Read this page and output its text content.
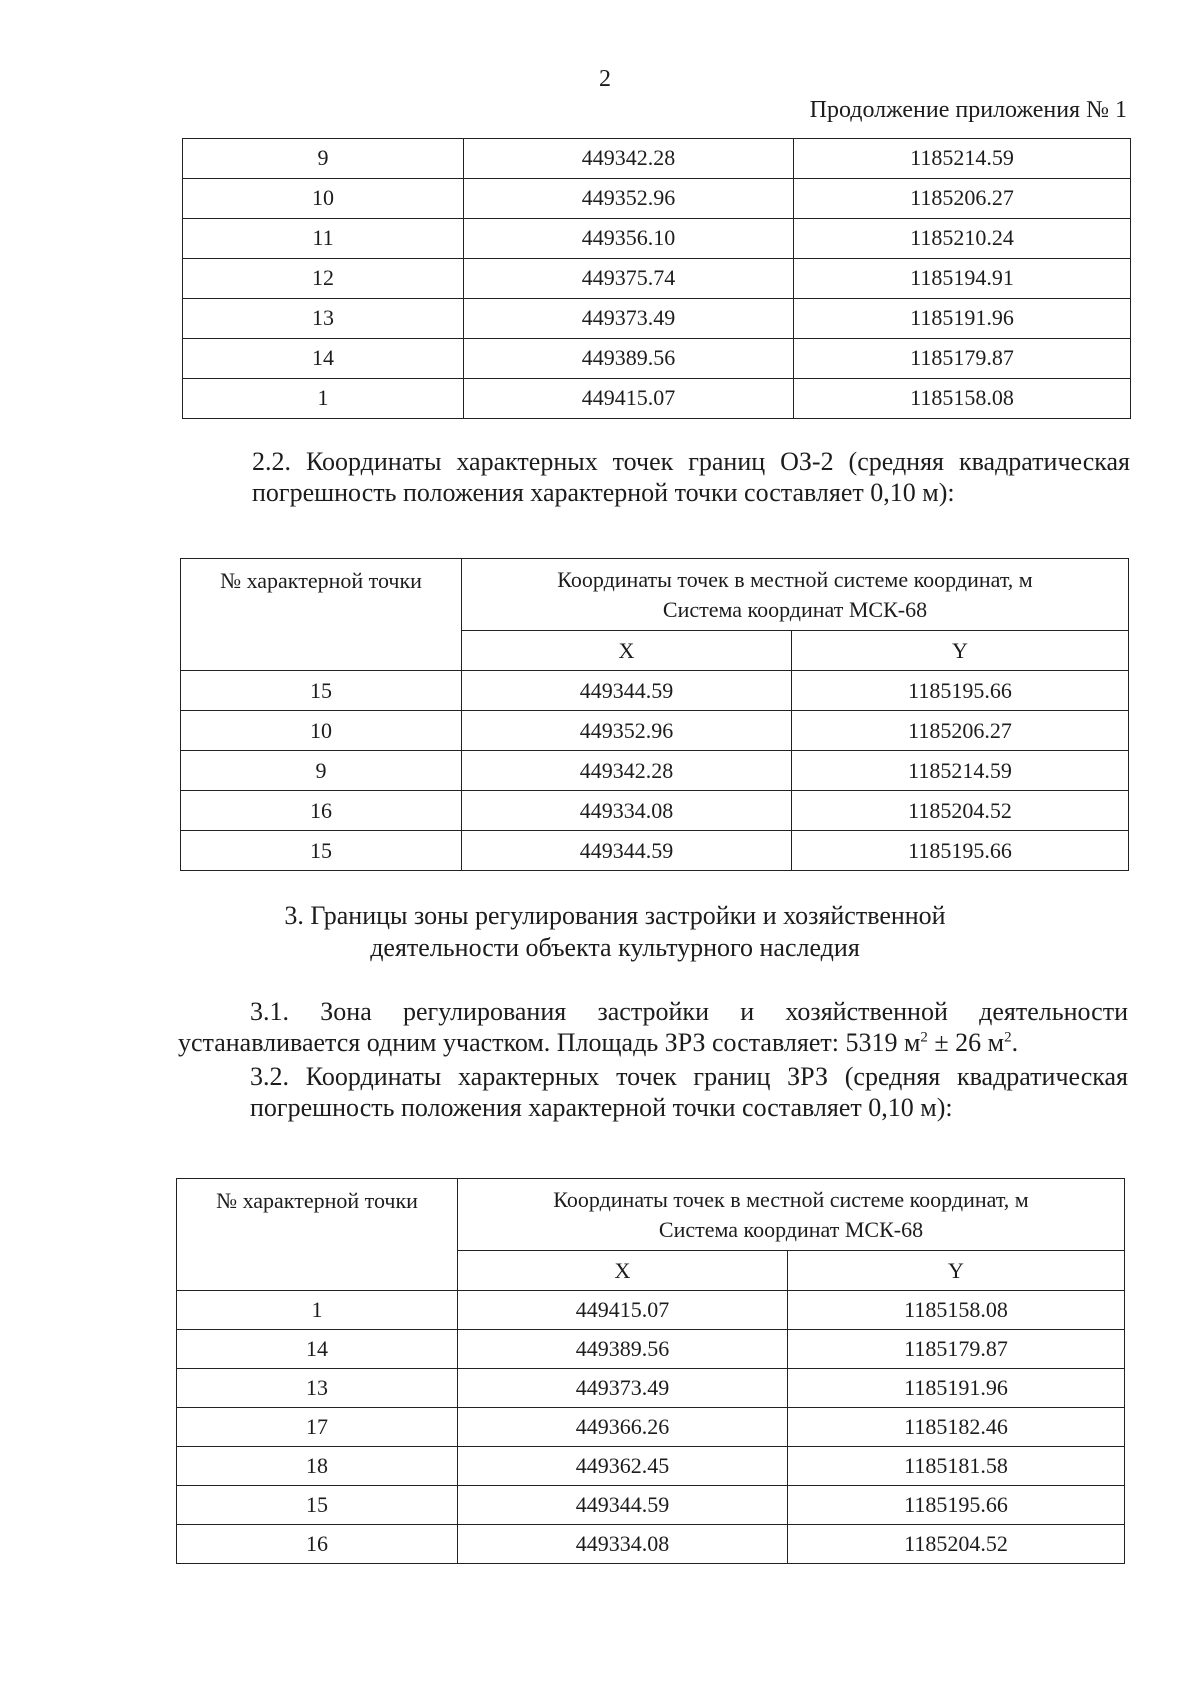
2
Продолжение приложения № 1
9	449342.28	1185214.59
10	449352.96	1185206.27
11	449356.10	1185210.24
12	449375.74	1185194.91
13	449373.49	1185191.96
14	449389.56	1185179.87
1	449415.07	1185158.08

2.2. Координаты характерных точек границ ОЗ-2 (средняя квадратическая погрешность положения характерной точки составляет 0,10 м):

№ характерной точки	Координаты точек в местной системе координат, м
Система координат МСК-68	

	X	Y
15	449344.59	1185195.66
10	449352.96	1185206.27
9	449342.28	1185214.59
16	449334.08	1185204.52
15	449344.59	1185195.66
3. Границы зоны регулирования застройки и хозяйственной
деятельности объекта культурного наследия

3.1. Зона регулирования застройки и хозяйственной деятельности устанавливается одним участком. Площадь ЗРЗ составляет: 5319 $м^2 \pm 26$ $м^2$.

3.2. Координаты характерных точек границ ЗРЗ (средняя квадратическая погрешность положения характерной точки составляет 0,10 м):

№ характерной точки	Координаты точек в местной системе координат, м
Система координат МСК-68	

	X	Y
1	449415.07	1185158.08
14	449389.56	1185179.87
13	449373.49	1185191.96
17	449366.26	1185182.46
18	449362.45	1185181.58
15	449344.59	1185195.66
16	449334.08	1185204.52
